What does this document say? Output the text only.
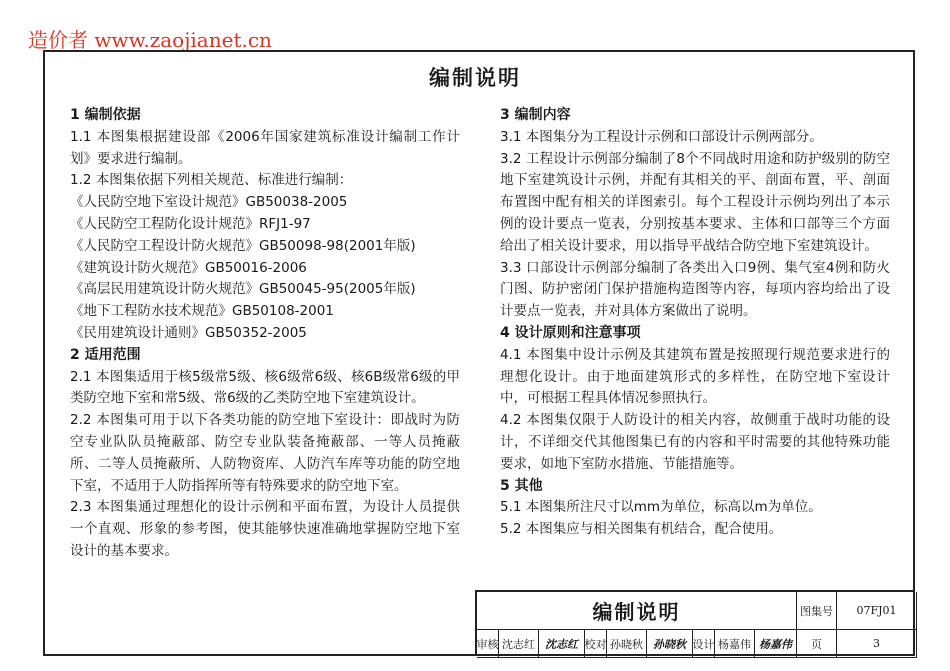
造价者 www.zaojianet.cn
编制说明
1 编制依据
1.1 本图集根据建设部《2006年国家建筑标准设计编制工作计划》要求进行编制。
1.2 本图集依据下列相关规范、标准进行编制：
《人民防空地下室设计规范》GB50038-2005
《人民防空工程防化设计规范》RFJ1-97
《人民防空工程设计防火规范》GB50098-98(2001年版)
《建筑设计防火规范》GB50016-2006
《高层民用建筑设计防火规范》GB50045-95(2005年版)
《地下工程防水技术规范》GB50108-2001
《民用建筑设计通则》GB50352-2005
2 适用范围
2.1 本图集适用于核5级常5级、核6级常6级、核6B级常6级的甲类防空地下室和常5级、常6级的乙类防空地下室建筑设计。
2.2 本图集可用于以下各类功能的防空地下室设计：即战时为防空专业队队员掩蔽部、防空专业队装备掩蔽部、一等人员掩蔽所、二等人员掩蔽所、人防物资库、人防汽车库等功能的防空地下室，不适用于人防指挥所等有特殊要求的防空地下室。
2.3 本图集通过理想化的设计示例和平面布置，为设计人员提供一个直观、形象的参考图，使其能够快速准确地掌握防空地下室设计的基本要求。
3 编制内容
3.1 本图集分为工程设计示例和口部设计示例两部分。
3.2 工程设计示例部分编制了8个不同战时用途和防护级别的防空地下室建筑设计示例，并配有其相关的平、剖面布置，平、剖面布置图中配有相关的详图索引。每个工程设计示例均列出了本示例的设计要点一览表，分别按基本要求、主体和口部等三个方面给出了相关设计要求，用以指导平战结合防空地下室建筑设计。
3.3 口部设计示例部分编制了各类出入口9例、集气室4例和防火门图、防护密闭门保护措施构造图等内容，每项内容均给出了设计要点一览表，并对具体方案做出了说明。
4 设计原则和注意事项
4.1 本图集中设计示例及其建筑布置是按照现行规范要求进行的理想化设计。由于地面建筑形式的多样性，在防空地下室设计中，可根据工程具体情况参照执行。
4.2 本图集仅限于人防设计的相关内容，故侧重于战时功能的设计，不详细交代其他图集已有的内容和平时需要的其他特殊功能要求，如地下室防水措施、节能措施等。
5 其他
5.1 本图集所注尺寸以mm为单位，标高以m为单位。
5.2 本图集应与相关图集有机结合，配合使用。
编制说明	图集号	07FJ01
审核 沈志红 沈志红 校对 孙晓秋 孙晓秋 设计 杨嘉伟 杨嘉伟	页	3
